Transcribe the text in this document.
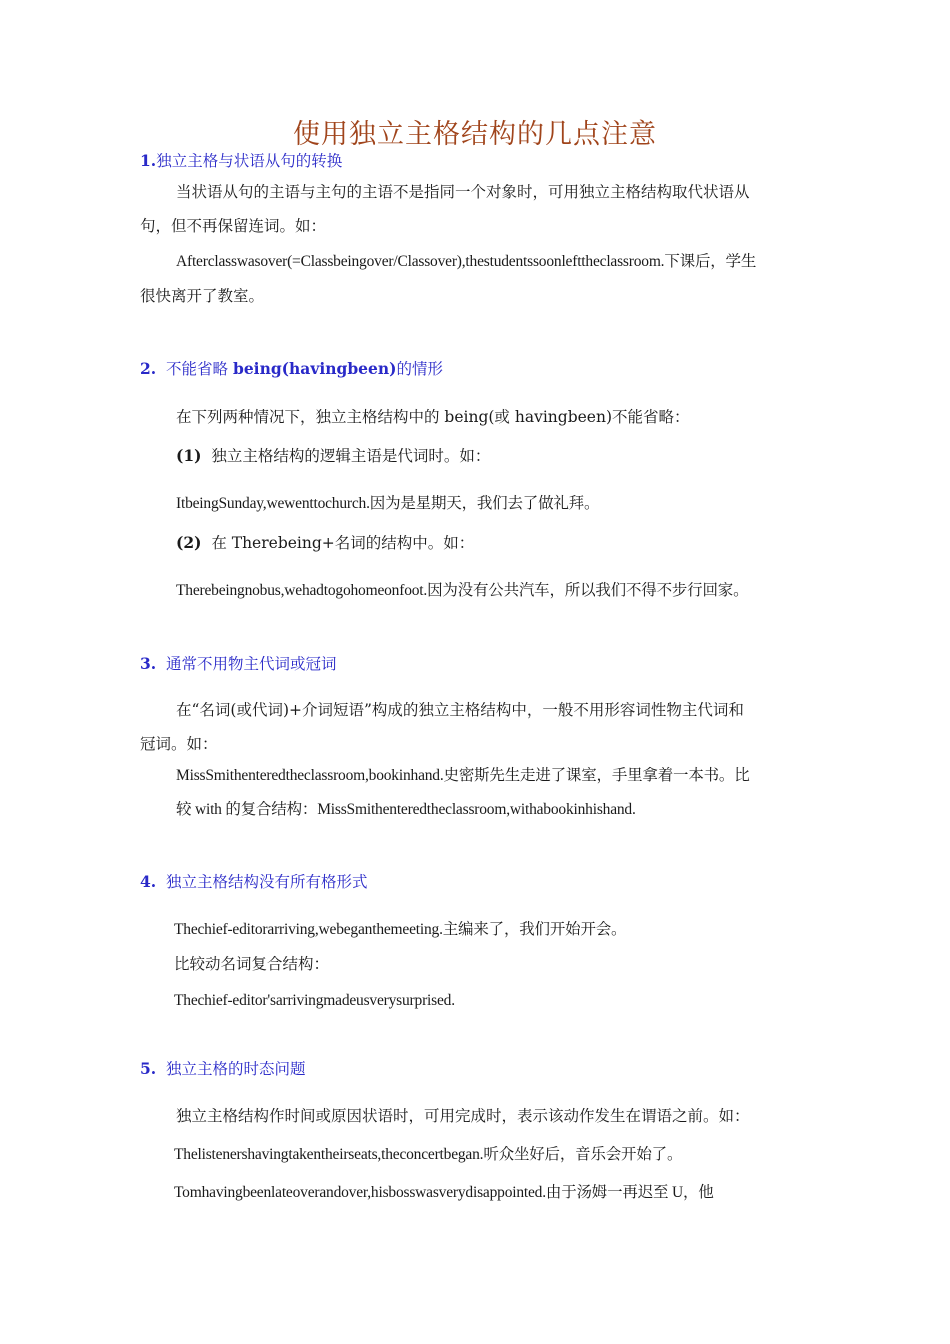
使用独立主格结构的几点注意
1.独立主格与状语从句的转换
当状语从句的主语与主句的主语不是指同一个对象时，可用独立主格结构取代状语从
句，但不再保留连词。如：
Afterclasswasover(=Classbeingover/Classover),thestudentssoonlefttheclassroom.下课后，学生
很快离开了教室。
2. 不能省略 being(havingbeen)的情形
在下列两种情况下，独立主格结构中的 being(或 havingbeen)不能省略：
(1) 独立主格结构的逻辑主语是代词时。如：
ItbeingSunday,wewenttochurch.因为是星期天，我们去了做礼拜。
(2) 在 Therebeing+名词的结构中。如：
Therebeingnobus,wehadtogohomeonfoot.因为没有公共汽车，所以我们不得不步行回家。
3. 通常不用物主代词或冠词
在“名词(或代词)+介词短语”构成的独立主格结构中，一般不用形容词性物主代词和
冠词。如：
MissSmithenteredtheclassroom,bookinhand.史密斯先生走进了课室，手里拿着一本书。比
较 with 的复合结构：MissSmithenteredtheclassroom,withabookinhishand.
4. 独立主格结构没有所有格形式
Thechief-editorarriving,webeganthemeeting.主编来了，我们开始开会。
比较动名词复合结构：
Thechief-editor'sarrivingmadeusverysurprised.
5. 独立主格的时态问题
独立主格结构作时间或原因状语时，可用完成时，表示该动作发生在谓语之前。如：
Thelistenershavingtakentheirseats,theconcertbegan.听众坐好后，音乐会开始了。
Tomhavingbeenlateoverandover,hisbosswasverydisappointed.由于汤姆一再迟至 U，他
